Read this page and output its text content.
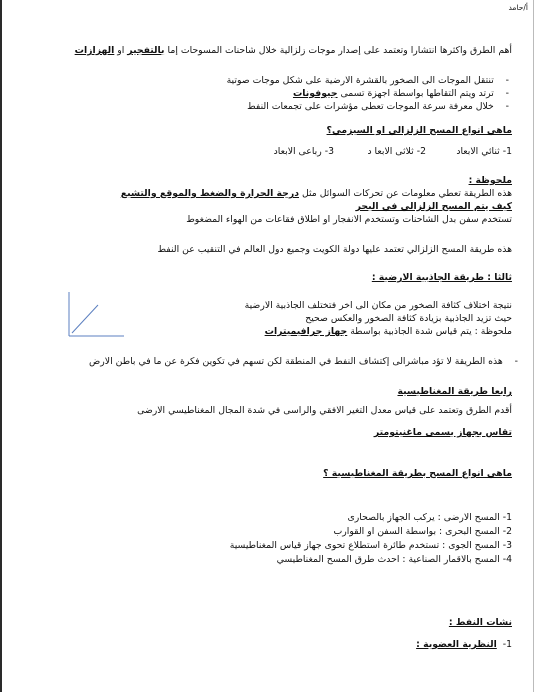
أ/حامد
أهم الطرق واكثرها انتشارا وتعتمد على إصدار موجات زلزالية خلال شاحنات المسوحات إما بالتفجير او الهزازات
-    تنتقل الموجات الى الصخور بالقشرة الارضية على شكل موجات صوتية
-    ترتد ويتم التقاطها بواسطة اجهزة تسمى جيوفونات
-    خلال معرفة سرعة الموجات تعطى مؤشرات على تجمعات النفط
ماهي انواع المسح الزلزالي او السيزمي؟
1- ثنائي الابعاد
2- ثلاثى الابعا د
3- رباعى الابعاد
ملحوظة :
هذه الطريقة تعطي معلومات عن تحركات السوائل مثل درجة الحرارة والضغط والموقع والتشبع
كيف يتم المسح الزلزالي في البحر
تستخدم سفن بدل الشاحنات وتستخدم الانفجار او اطلاق فقاعات من الهواء المضغوط
هذه طريقة المسح الزلزالي تعتمد عليها دولة الكويت وجميع دول العالم في التنقيب عن النفط
ثالثا : طريقة الجاذبية الارضية :
نتيجة اختلاف كثافة الصخور من مكان الى اخر فتختلف الجاذبية الارضية
حيث تزيد الجاذبية بزيادة كثافة الصخور والعكس صحيح
ملحوظة : يتم قياس شدة الجاذبية بواسطة جهاز جرافيميترات
-    هذه الطريقة لا تؤد مباشرالى إكتشاف النفط في المنطقة لكن تسهم في تكوين فكرة عن ما في باطن الارض
رابعا طريقة المغناطيسية
أقدم الطرق وتعتمد على قياس معدل التغير الافقي والراسى في شدة المجال المغناطيسي الارضى
تقاس بجهاز يسمى ماغنيتومتر
ماهي انواع المسح بطريقة المغناطيسية ؟
1- المسح الارضى : يركب الجهاز بالصحارى
2- المسح البحرى : بواسطة السفن او القوارب
3- المسح الجوى : تستخدم طائرة استطلاع تحوى جهاز قياس المغناطيسية
4- المسح بالاقمار الصناعية : احدث طرق المسح المغناطيسي
نشات النفط :
1-  النظرية العضوية :
